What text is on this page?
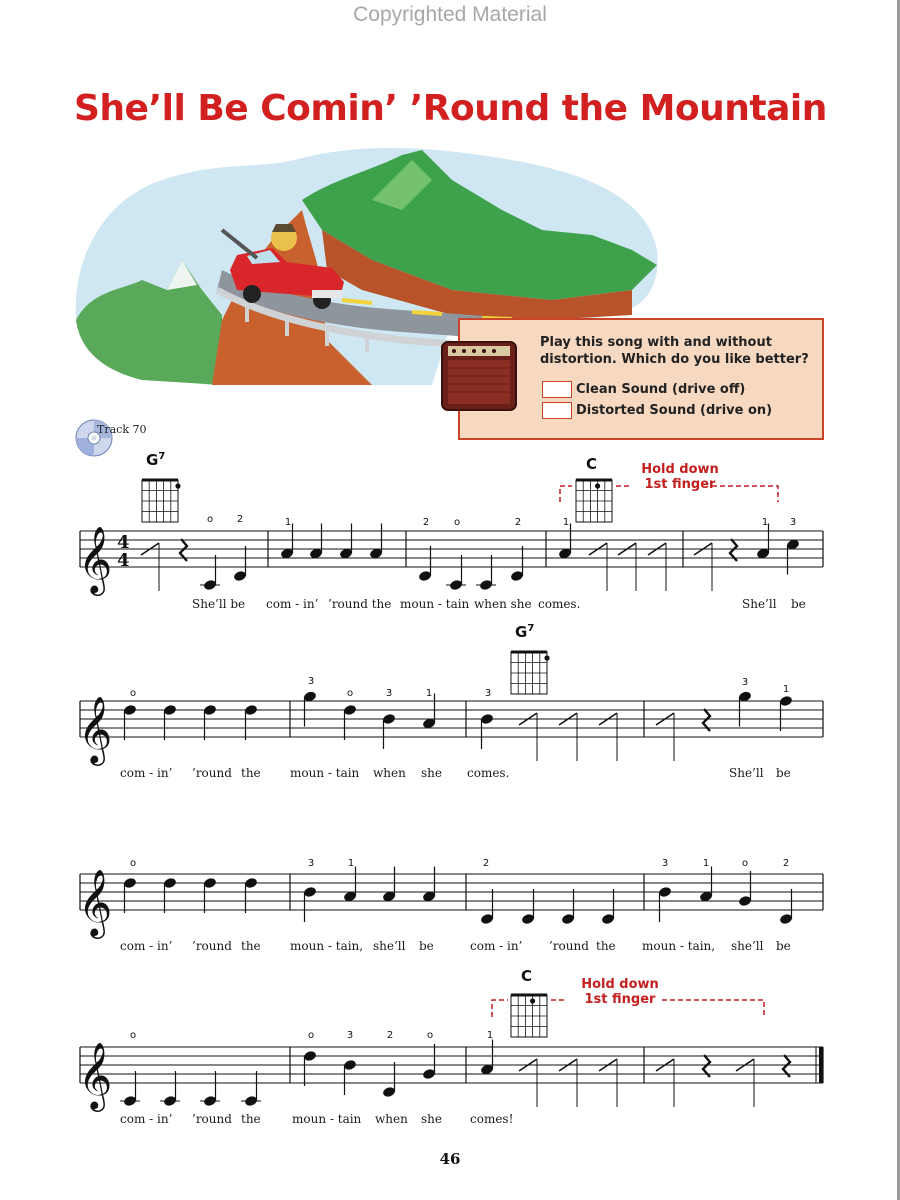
Copyrighted Material
She’ll Be Comin’ ’Round the Mountain
Play this song with and without
distortion. Which do you like better?
Clean Sound (drive off)
Distorted Sound (drive on)
Track 70
𝄞 4
4
𝄞
𝄞
𝄞
$G^7$	C
$G^7$
C
Hold down
1st finger
Hold down
1st finger
o 2	1	2 o	2	1	1 3
o
3
o	3	1	3
3
1
o	3	1	2	3	1	o	2
o	o	3	2	o	1
She’ll be com - in’ ’round the moun - tain when she comes.	She’ll be
com - in’ ’round the moun - tain when she comes.	She’ll be
com - in’ ’round the moun - tain, she’ll be	com - in’ ’round the moun - tain, she’ll be
com - in’ ’round the	moun - tain when she comes!
46
